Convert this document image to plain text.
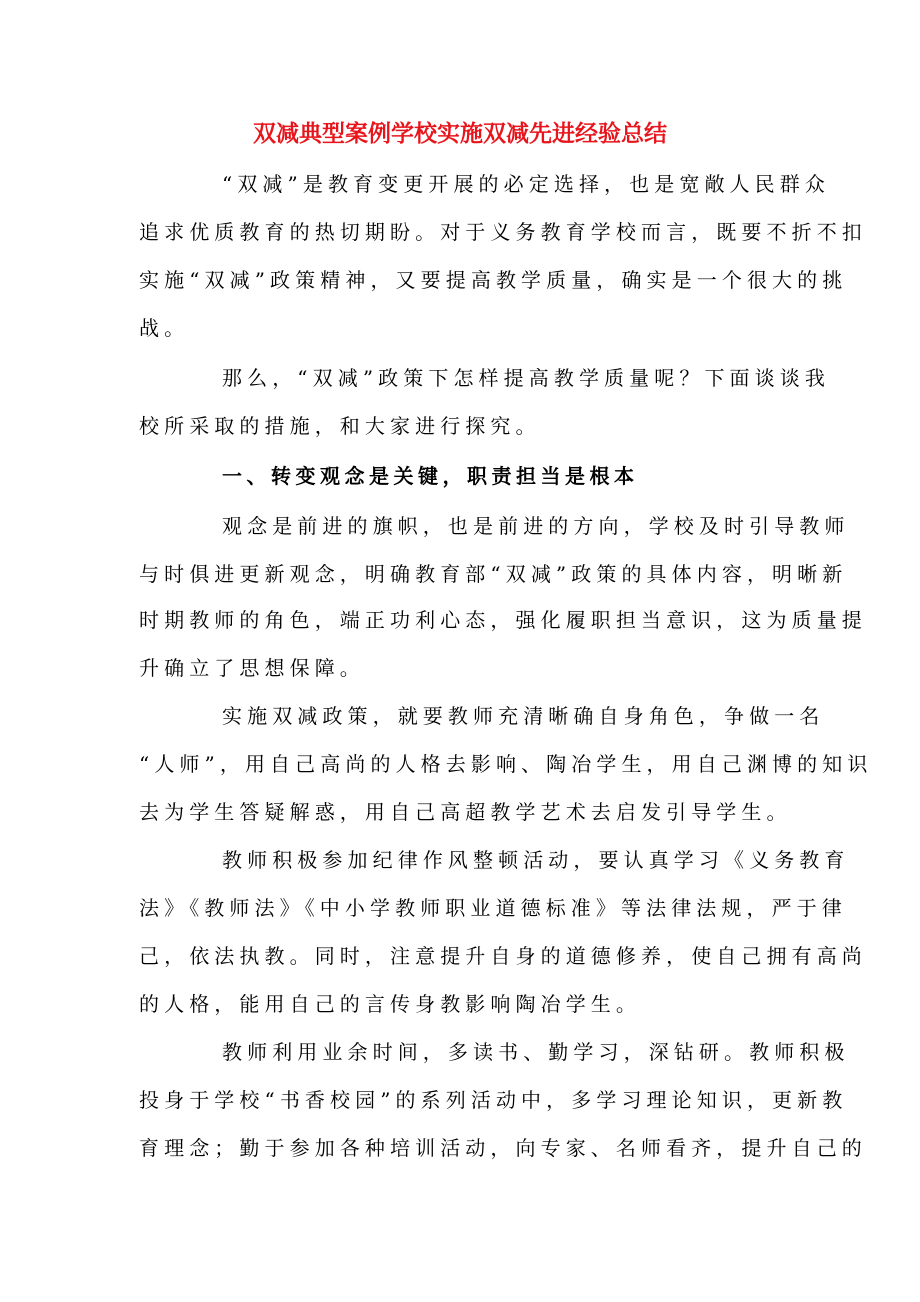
双减典型案例学校实施双减先进经验总结
“双减”是教育变更开展的必定选择，也是宽敞人民群众
追求优质教育的热切期盼。对于义务教育学校而言，既要不折不扣
实施“双减”政策精神，又要提高教学质量，确实是一个很大的挑
战。
那么，“双减”政策下怎样提高教学质量呢？下面谈谈我
校所采取的措施，和大家进行探究。
一、转变观念是关键，职责担当是根本
观念是前进的旗帜，也是前进的方向，学校及时引导教师
与时俱进更新观念，明确教育部“双减”政策的具体内容，明晰新
时期教师的角色，端正功利心态，强化履职担当意识，这为质量提
升确立了思想保障。
实施双减政策，就要教师充清晰确自身角色，争做一名
“人师”，用自己高尚的人格去影响、陶冶学生，用自己渊博的知识
去为学生答疑解惑，用自己高超教学艺术去启发引导学生。
教师积极参加纪律作风整顿活动，要认真学习《义务教育
法》《教师法》《中小学教师职业道德标准》等法律法规，严于律
己，依法执教。同时，注意提升自身的道德修养，使自己拥有高尚
的人格，能用自己的言传身教影响陶冶学生。
教师利用业余时间，多读书、勤学习，深钻研。教师积极
投身于学校“书香校园”的系列活动中，多学习理论知识，更新教
育理念；勤于参加各种培训活动，向专家、名师看齐，提升自己的
